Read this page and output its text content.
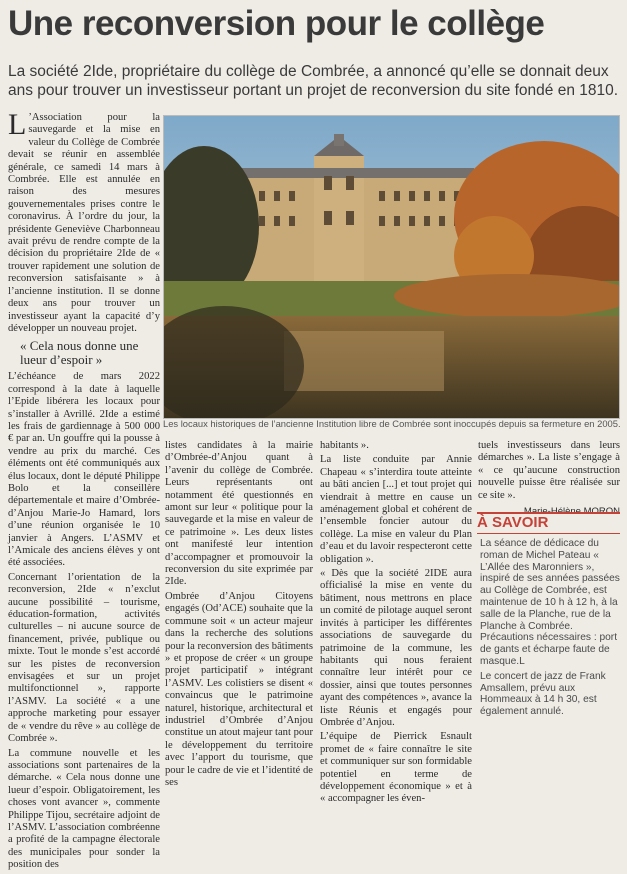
Une reconversion pour le collège
La société 2Ide, propriétaire du collège de Combrée, a annoncé qu’elle se donnait deux ans pour trouver un investisseur portant un projet de reconversion du site fondé en 1810.

L ’Association pour la sauvegarde et la mise en valeur du Collège de Combrée devait se réunir en assemblée générale, ce samedi 14 mars à Combrée. Elle est annulée en raison des mesures gouvernementales prises contre le coronavirus. À l’ordre du jour, la présidente Geneviève Charbonneau avait prévu de rendre compte de la décision du propriétaire 2Ide de « trouver rapidement une solution de reconversion satisfaisante » à l’ancienne institution. Il se donne deux ans pour trouver un investisseur ayant la capacité d’y développer un nouveau projet.

« Cela nous donne une lueur d’espoir »

L’échéance de mars 2022 correspond à la date à laquelle l’Epide libérera les locaux pour s’installer à Avrillé. 2Ide a estimé les frais de gardiennage à 500 000 € par an. Un gouffre qui la pousse à vendre au prix du marché. Ces éléments ont été communiqués aux élus locaux, dont le député Philippe Bolo et la conseillère départementale et maire d’Ombrée-d’Anjou Marie-Jo Hamard, lors d’une réunion organisée le 10 janvier à Angers. L’ASMV et l’Amicale des anciens élèves y ont été associées.

Concernant l’orientation de la reconversion, 2Ide « n’exclut aucune possibilité – tourisme, éducation-formation, activités culturelles – ni aucune source de financement, privée, publique ou mixte. Tout le monde s’est accordé sur les pistes de reconversion envisagées et sur un projet multifonctionnel », rapporte l’ASMV. La société « a une approche marketing pour essayer de « vendre du rêve » au collège de Combrée ».

La commune nouvelle et les associations sont partenaires de la démarche. « Cela nous donne une lueur d’espoir. Obligatoirement, les choses vont avancer », commente Philippe Tijou, secrétaire adjoint de l’ASMV. L’association combréenne a profité de la campagne électorale des municipales pour sonder la position des

Les locaux historiques de l’ancienne Institution libre de Combrée sont inoccupés depuis sa fermeture en 2005.

listes candidates à la mairie d’Ombrée-d’Anjou quant à l’avenir du collège de Combrée. Leurs représentants ont notamment été questionnés en amont sur leur « politique pour la sauvegarde et la mise en valeur de ce patrimoine ». Les deux listes ont manifesté leur intention d’accompagner et promouvoir la reconversion du site exprimée par 2Ide.

Ombrée d’Anjou Citoyens engagés (Od’ACE) souhaite que la commune soit « un acteur majeur dans la recherche des solutions pour la reconversion des bâtiments » et propose de créer « un groupe projet participatif » intégrant l’ASMV. Les colistiers se disent « convaincus que le patrimoine naturel, historique, architectural et industriel d’Ombrée d’Anjou constitue un atout majeur tant pour le développement du territoire avec l’apport du tourisme, que pour le cadre de vie et l’identité de ses

habitants ».

La liste conduite par Annie Chapeau « s’interdira toute atteinte au bâti ancien [...] et tout projet qui viendrait à mettre en cause un aménagement global et cohérent de l’ensemble foncier autour du collège. La mise en valeur du Plan d’eau et du lavoir respecteront cette obligation ».

« Dès que la société 2IDE aura officialisé la mise en vente du bâtiment, nous mettrons en place un comité de pilotage auquel seront invités à participer les différentes associations de sauvegarde du patrimoine de la commune, les habitants qui nous feraient connaître leur intérêt pour ce dossier, ainsi que toutes personnes ayant des compétences », avance la liste Réunis et engagés pour Ombrée d’Anjou.

L’équipe de Pierrick Esnault promet de « faire connaître le site et communiquer sur son formidable potentiel en terme de développement économique » et à « accompagner les éven-

tuels investisseurs dans leurs démarches ». La liste s’engage à « ce qu’aucune construction nouvelle puisse être réalisée sur ce site ».

À SAVOIR

La séance de dédicace du roman de Michel Pateau « L’Allée des Maronniers », inspiré de ses années passées au Collège de Combrée, est maintenue de 10 h à 12 h, à la salle de la Planche, rue de la Planche à Combrée. Précautions nécessaires : port de gants et écharpe faute de masque.L

Le concert de jazz de Frank Amsallem, prévu aux Hommeaux à 14 h 30, est également annulé.
